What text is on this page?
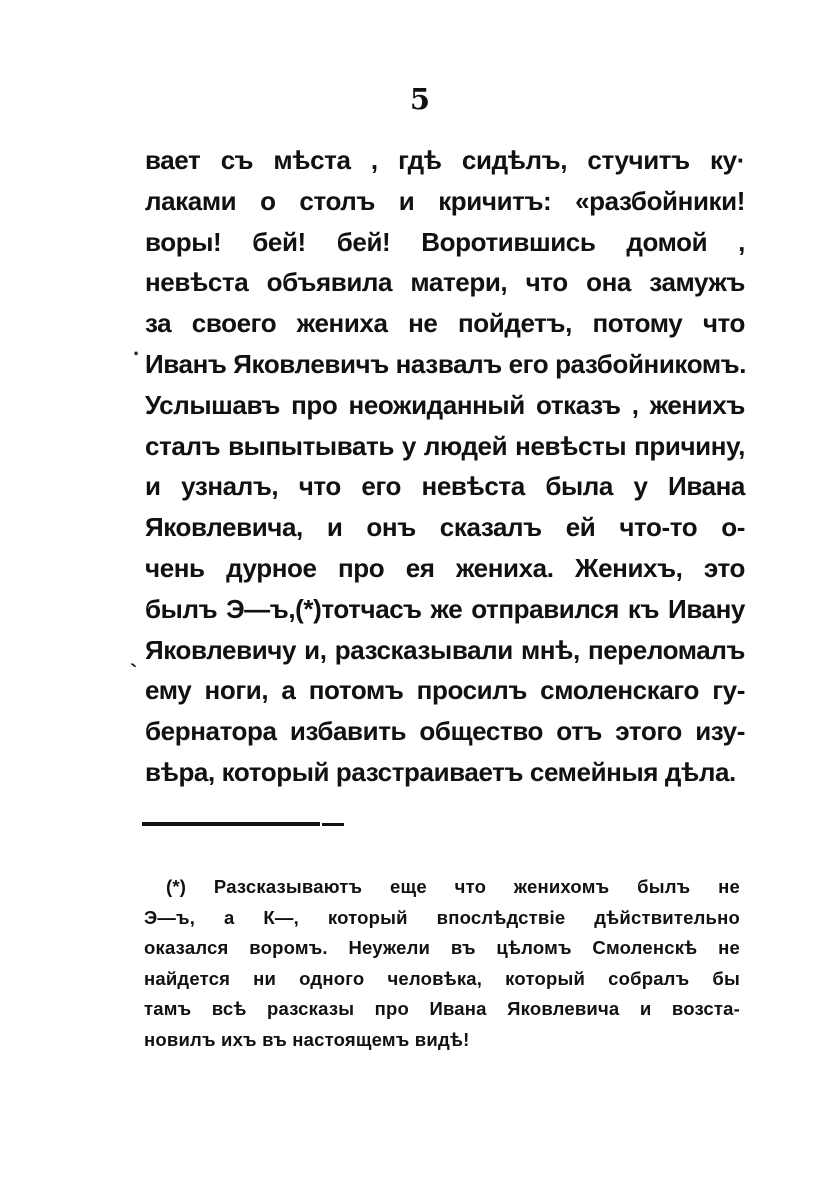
5
·
`
вает съ мѣста , гдѣ сидѣлъ, стучитъ ку·
лаками о столъ и кричитъ: «разбойники!
воры! бей! бей! Воротившись домой ,
невѣста объявила матери, что она замужъ
за своего жениха не пойдетъ, потому что
Иванъ Яковлевичъ назвалъ его разбойникомъ.
Услышавъ про неожиданный отказъ , женихъ
сталъ выпытывать у людей невѣсты причину,
и узналъ, что его невѣста была у Ивана
Яковлевича, и онъ сказалъ ей что-то о-
чень дурное про ея жениха. Женихъ, это
былъ Э—ъ,(*)тотчасъ же отправился къ Ивану
Яковлевичу и, разсказывали мнѣ, переломалъ
ему ноги, а потомъ просилъ смоленскаго гу-
бернатора избавить общество отъ этого изу-
вѣра, который разстраиваетъ семейныя дѣла.
(*) Разсказываютъ еще что женихомъ былъ не
Э—ъ, а К—, который впослѣдствіе дѣйствительно
оказался воромъ. Неужели въ цѣломъ Смоленскѣ не
найдется ни одного человѣка, который собралъ бы
тамъ всѣ разсказы про Ивана Яковлевича и возста-
новилъ ихъ въ настоящемъ видѣ!
